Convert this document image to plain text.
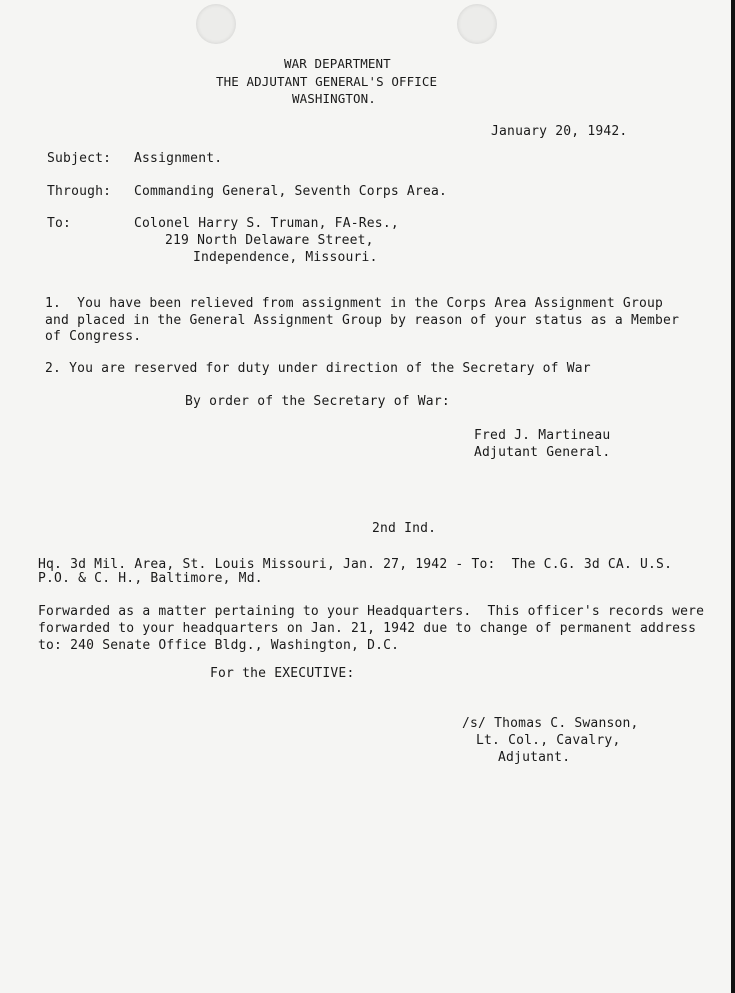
WAR DEPARTMENT
THE ADJUTANT GENERAL'S OFFICE
WASHINGTON.
January 20, 1942.
Subject: Assignment.
Through: Commanding General, Seventh Corps Area.
To:	Colonel Harry S. Truman, FA-Res.,
219 North Delaware Street,
Independence, Missouri.
1.  You have been relieved from assignment in the Corps Area Assignment Group
and placed in the General Assignment Group by reason of your status as a Member
of Congress.
2. You are reserved for duty under direction of the Secretary of War
By order of the Secretary of War:
Fred J. Martineau
Adjutant General.
2nd Ind.
Hq. 3d Mil. Area, St. Louis Missouri, Jan. 27, 1942 - To:  The C.G. 3d CA. U.S.
P.O. & C. H., Baltimore, Md.
Forwarded as a matter pertaining to your Headquarters.  This officer's records were
forwarded to your headquarters on Jan. 21, 1942 due to change of permanent address
to: 240 Senate Office Bldg., Washington, D.C.
For the EXECUTIVE:
/s/ Thomas C. Swanson,
Lt. Col., Cavalry,
Adjutant.
